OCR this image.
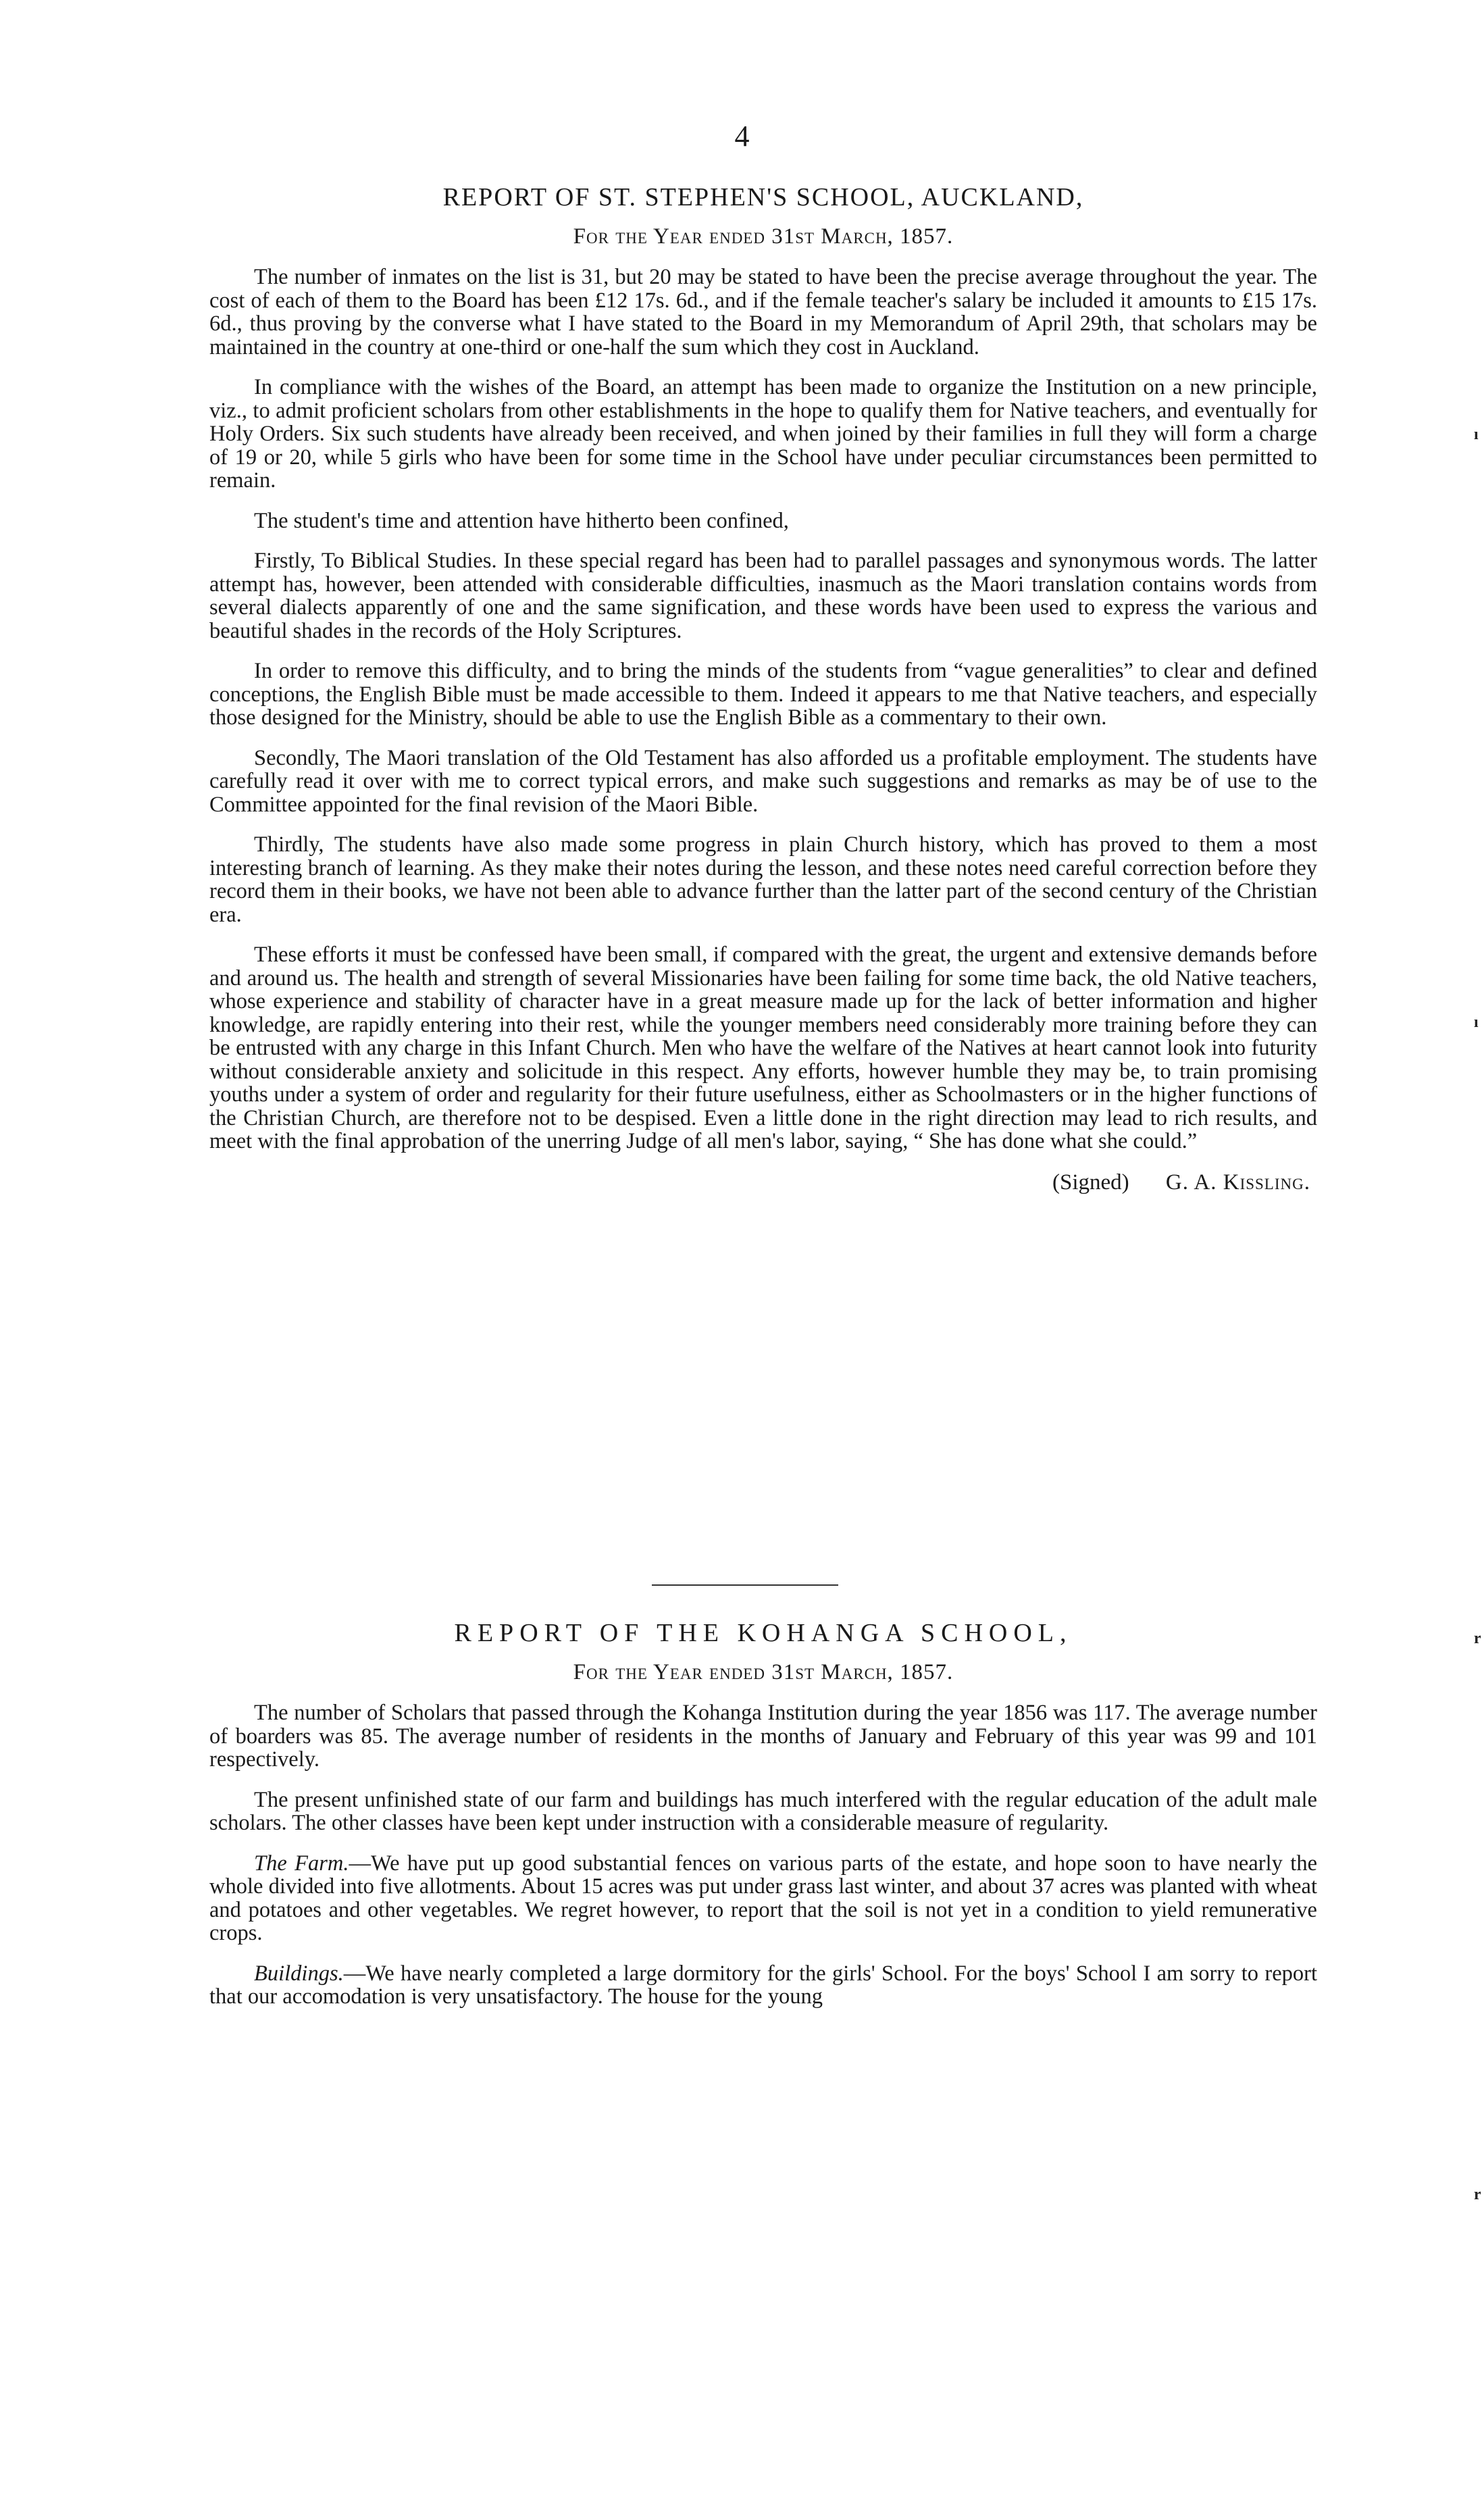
4
REPORT OF ST. STEPHEN'S SCHOOL, AUCKLAND,
For the Year ended 31st March, 1857.

The number of inmates on the list is 31, but 20 may be stated to have been the precise average throughout the year. The cost of each of them to the Board has been £12 17s. 6d., and if the female teacher's salary be included it amounts to £15 17s. 6d., thus proving by the converse what I have stated to the Board in my Memorandum of April 29th, that scholars may be maintained in the country at one-third or one-half the sum which they cost in Auckland.

In compliance with the wishes of the Board, an attempt has been made to organize the Institution on a new principle, viz., to admit proficient scholars from other establishments in the hope to qualify them for Native teachers, and eventually for Holy Orders. Six such students have already been received, and when joined by their families in full they will form a charge of 19 or 20, while 5 girls who have been for some time in the School have under peculiar circumstances been permitted to remain.

The student's time and attention have hitherto been confined,

Firstly, To Biblical Studies. In these special regard has been had to parallel passages and synonymous words. The latter attempt has, however, been attended with considerable difficulties, inasmuch as the Maori translation contains words from several dialects apparently of one and the same signification, and these words have been used to express the various and beautiful shades in the records of the Holy Scriptures.

In order to remove this difficulty, and to bring the minds of the students from “vague generalities” to clear and defined conceptions, the English Bible must be made accessible to them. Indeed it appears to me that Native teachers, and especially those designed for the Ministry, should be able to use the English Bible as a commentary to their own.

Secondly, The Maori translation of the Old Testament has also afforded us a profitable employment. The students have carefully read it over with me to correct typical errors, and make such suggestions and remarks as may be of use to the Committee appointed for the final revision of the Maori Bible.

Thirdly, The students have also made some progress in plain Church history, which has proved to them a most interesting branch of learning. As they make their notes during the lesson, and these notes need careful correction before they record them in their books, we have not been able to advance further than the latter part of the second century of the Christian era.

These efforts it must be confessed have been small, if compared with the great, the urgent and extensive demands before and around us. The health and strength of several Missionaries have been failing for some time back, the old Native teachers, whose experience and stability of character have in a great measure made up for the lack of better information and higher knowledge, are rapidly entering into their rest, while the younger members need considerably more training before they can be entrusted with any charge in this Infant Church. Men who have the welfare of the Natives at heart cannot look into futurity without considerable anxiety and solicitude in this respect. Any efforts, however humble they may be, to train promising youths under a system of order and regularity for their future usefulness, either as Schoolmasters or in the higher functions of the Christian Church, are therefore not to be despised. Even a little done in the right direction may lead to rich results, and meet with the final approbation of the unerring Judge of all men's labor, saying, “ She has done what she could.”

(Signed) G. A. Kissling.
REPORT OF THE KOHANGA SCHOOL,
For the Year ended 31st March, 1857.

The number of Scholars that passed through the Kohanga Institution during the year 1856 was 117. The average number of boarders was 85. The average number of residents in the months of January and February of this year was 99 and 101 respectively.

The present unfinished state of our farm and buildings has much interfered with the regular education of the adult male scholars. The other classes have been kept under instruction with a considerable measure of regularity.

The Farm.—We have put up good substantial fences on various parts of the estate, and hope soon to have nearly the whole divided into five allotments. About 15 acres was put under grass last winter, and about 37 acres was planted with wheat and potatoes and other vegetables. We regret however, to report that the soil is not yet in a condition to yield remunerative crops.

Buildings.—We have nearly completed a large dormitory for the girls' School. For the boys' School I am sorry to report that our accomodation is very unsatisfactory. The house for the young

ı
ı
r
r
